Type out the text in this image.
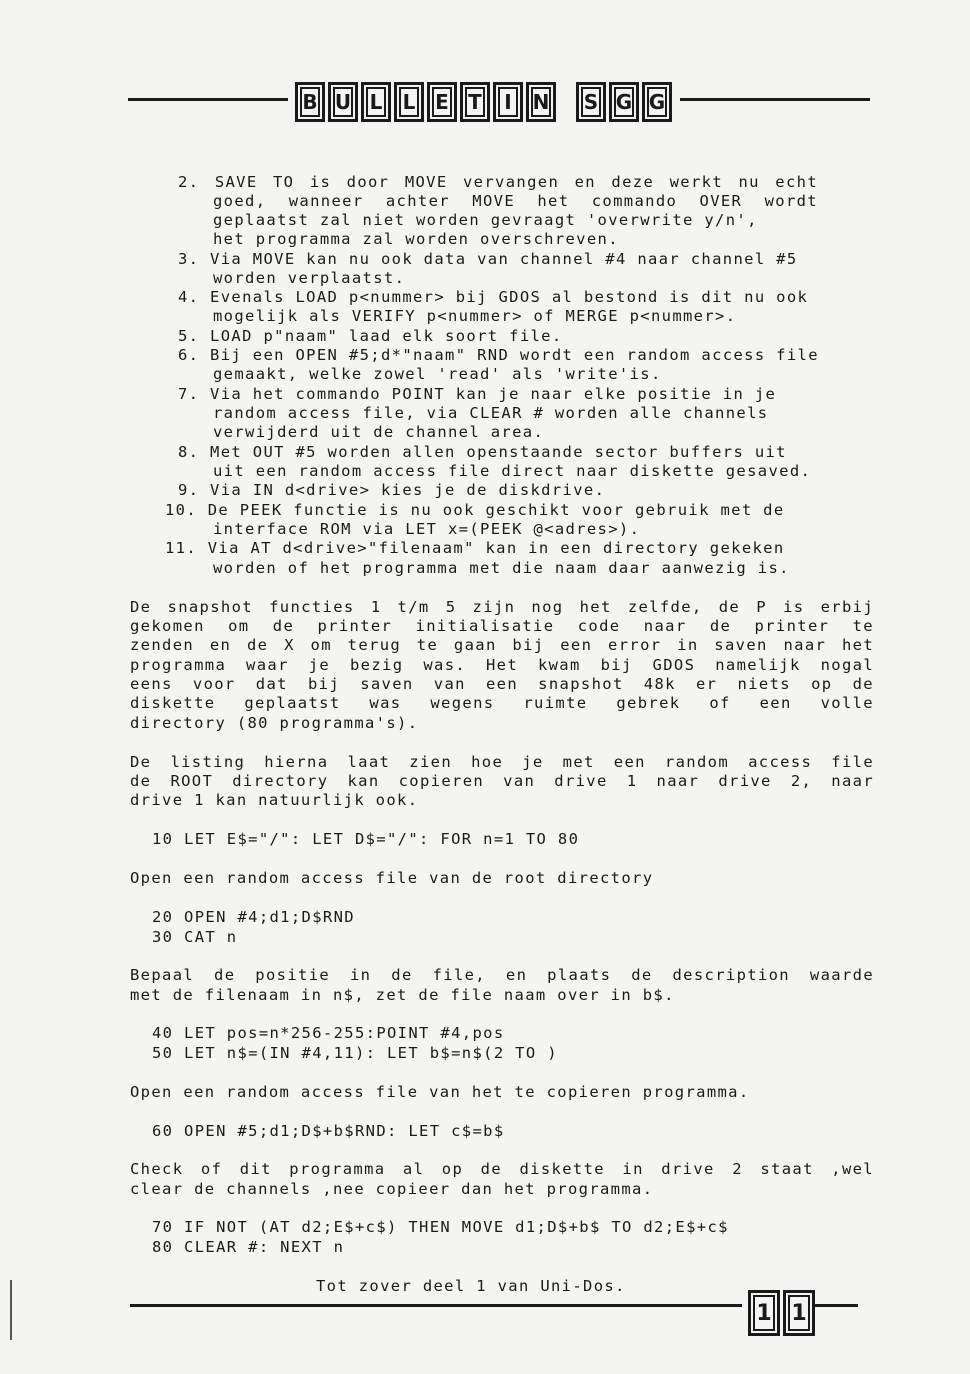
B U L	L E T	I	N	S G G
2. SAVE TO is door MOVE vervangen en deze werkt nu echt
goed, wanneer achter MOVE het commando OVER wordt
geplaatst zal niet worden gevraagt 'overwrite y/n',
het programma zal worden overschreven.
3. Via MOVE kan nu ook data van channel #4 naar channel #5
worden verplaatst.
4. Evenals LOAD p<nummer> bij GDOS al bestond is dit nu ook
mogelijk als VERIFY p<nummer> of MERGE p<nummer>.
5. LOAD p"naam" laad elk soort file.
6. Bij een OPEN #5;d*"naam" RND wordt een random access file
gemaakt, welke zowel 'read' als 'write'is.
7. Via het commando POINT kan je naar elke positie in je
random access file, via CLEAR # worden alle channels
verwijderd uit de channel area.
8. Met OUT #5 worden allen openstaande sector buffers uit
uit een random access file direct naar diskette gesaved.
9. Via IN d<drive> kies je de diskdrive.
10. De PEEK functie is nu ook geschikt voor gebruik met de
interface ROM via LET x=(PEEK @<adres>).
11. Via AT d<drive>"filenaam" kan in een directory gekeken
worden of het programma met die naam daar aanwezig is.
De snapshot functies 1 t/m 5 zijn nog het zelfde, de P is erbij
gekomen om de printer initialisatie code naar de printer te
zenden en de X om terug te gaan bij een error in saven naar het
programma waar je bezig was. Het kwam bij GDOS namelijk nogal
eens voor dat bij saven van een snapshot 48k er niets op de
diskette geplaatst was wegens ruimte gebrek of een volle
directory (80 programma's).
De listing hierna laat zien hoe je met een random access file
de ROOT directory kan copieren van drive 1 naar drive 2, naar
drive 1 kan natuurlijk ook.
10 LET E$="/": LET D$="/": FOR n=1 TO 80
Open een random access file van de root directory
20 OPEN #4;d1;D$RND
30 CAT n
Bepaal de positie in de file, en plaats de description waarde
met de filenaam in n$, zet de file naam over in b$.
40 LET pos=n*256-255:POINT #4,pos
50 LET n$=(IN #4,11): LET b$=n$(2 TO )
Open een random access file van het te copieren programma.
60 OPEN #5;d1;D$+b$RND: LET c$=b$
Check of dit programma al op de diskette in drive 2 staat ,wel
clear de channels ,nee copieer dan het programma.
70 IF NOT (AT d2;E$+c$) THEN MOVE d1;D$+b$ TO d2;E$+c$
80 CLEAR #: NEXT n
Tot zover deel 1 van Uni-Dos.
1 1
